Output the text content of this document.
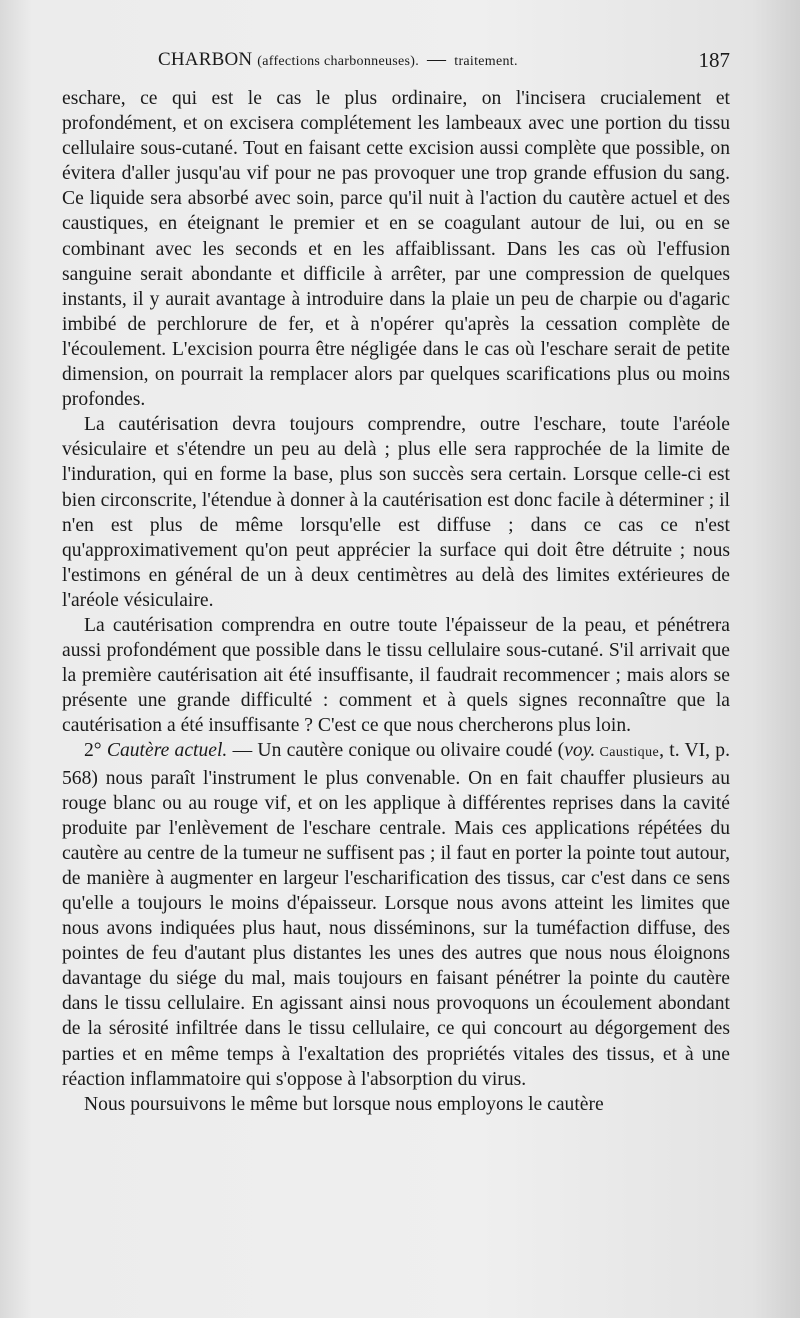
CHARBON (affections charbonneuses). — traitement.	187

eschare, ce qui est le cas le plus ordinaire, on l'incisera crucialement et profondément, et on excisera complétement les lambeaux avec une portion du tissu cellulaire sous-cutané. Tout en faisant cette excision aussi complète que possible, on évitera d'aller jusqu'au vif pour ne pas provoquer une trop grande effusion du sang. Ce liquide sera absorbé avec soin, parce qu'il nuit à l'action du cautère actuel et des caustiques, en éteignant le premier et en se coagulant autour de lui, ou en se combinant avec les seconds et en les affaiblissant. Dans les cas où l'effusion sanguine serait abondante et difficile à arrêter, par une compression de quelques instants, il y aurait avantage à introduire dans la plaie un peu de charpie ou d'agaric imbibé de perchlorure de fer, et à n'opérer qu'après la cessation complète de l'écoulement. L'excision pourra être négligée dans le cas où l'eschare serait de petite dimension, on pourrait la remplacer alors par quelques scarifications plus ou moins profondes.

La cautérisation devra toujours comprendre, outre l'eschare, toute l'aréole vésiculaire et s'étendre un peu au delà ; plus elle sera rapprochée de la limite de l'induration, qui en forme la base, plus son succès sera certain. Lorsque celle-ci est bien circonscrite, l'étendue à donner à la cautérisation est donc facile à déterminer ; il n'en est plus de même lorsqu'elle est diffuse ; dans ce cas ce n'est qu'approximativement qu'on peut apprécier la surface qui doit être détruite ; nous l'estimons en général de un à deux centimètres au delà des limites extérieures de l'aréole vésiculaire.

La cautérisation comprendra en outre toute l'épaisseur de la peau, et pénétrera aussi profondément que possible dans le tissu cellulaire sous-cutané. S'il arrivait que la première cautérisation ait été insuffisante, il faudrait recommencer ; mais alors se présente une grande difficulté : comment et à quels signes reconnaître que la cautérisation a été insuffisante ? C'est ce que nous chercherons plus loin.

2° Cautère actuel. — Un cautère conique ou olivaire coudé (voy. Caustique, t. VI, p. 568) nous paraît l'instrument le plus convenable. On en fait chauffer plusieurs au rouge blanc ou au rouge vif, et on les applique à différentes reprises dans la cavité produite par l'enlèvement de l'eschare centrale. Mais ces applications répétées du cautère au centre de la tumeur ne suffisent pas ; il faut en porter la pointe tout autour, de manière à augmenter en largeur l'escharification des tissus, car c'est dans ce sens qu'elle a toujours le moins d'épaisseur. Lorsque nous avons atteint les limites que nous avons indiquées plus haut, nous disséminons, sur la tuméfaction diffuse, des pointes de feu d'autant plus distantes les unes des autres que nous nous éloignons davantage du siége du mal, mais toujours en faisant pénétrer la pointe du cautère dans le tissu cellulaire. En agissant ainsi nous provoquons un écoulement abondant de la sérosité infiltrée dans le tissu cellulaire, ce qui concourt au dégorgement des parties et en même temps à l'exaltation des propriétés vitales des tissus, et à une réaction inflammatoire qui s'oppose à l'absorption du virus.

Nous poursuivons le même but lorsque nous employons le cautère
